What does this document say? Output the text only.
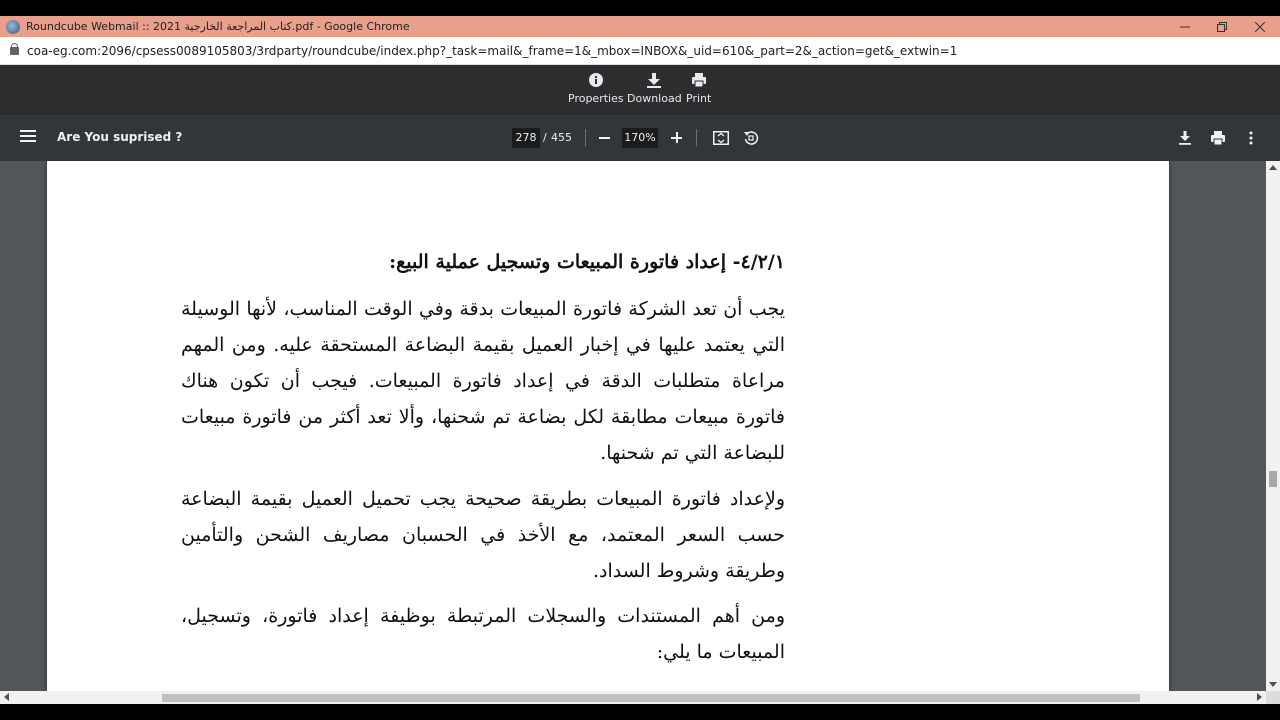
Roundcube Webmail :: 2021 كتاب المراجعة الخارجية.pdf - Google Chrome
coa-eg.com:2096/cpsess0089105803/3rdparty/roundcube/index.php?_task=mail&_frame=1&_mbox=INBOX&_uid=610&_part=2&_action=get&_extwin=1
Properties Download Print
Are You suprised ?	278 / 455	170%
٤/٢/١- إعداد فاتورة المبيعات وتسجيل عملية البيع:
يجب أن تعد الشركة فاتورة المبيعات بدقة وفي الوقت المناسب، لأنها الوسيلة التي يعتمد عليها في إخبار العميل بقيمة البضاعة المستحقة عليه. ومن المهم مراعاة متطلبات الدقة في إعداد فاتورة المبيعات. فيجب أن تكون هناك فاتورة مبيعات مطابقة لكل بضاعة تم شحنها، وألا تعد أكثر من فاتورة مبيعات للبضاعة التي تم شحنها.
ولإعداد فاتورة المبيعات بطريقة صحيحة يجب تحميل العميل بقيمة البضاعة حسب السعر المعتمد، مع الأخذ في الحسبان مصاريف الشحن والتأمين وطريقة وشروط السداد.
ومن أهم المستندات والسجلات المرتبطة بوظيفة إعداد فاتورة، وتسجيل، المبيعات ما يلي:
